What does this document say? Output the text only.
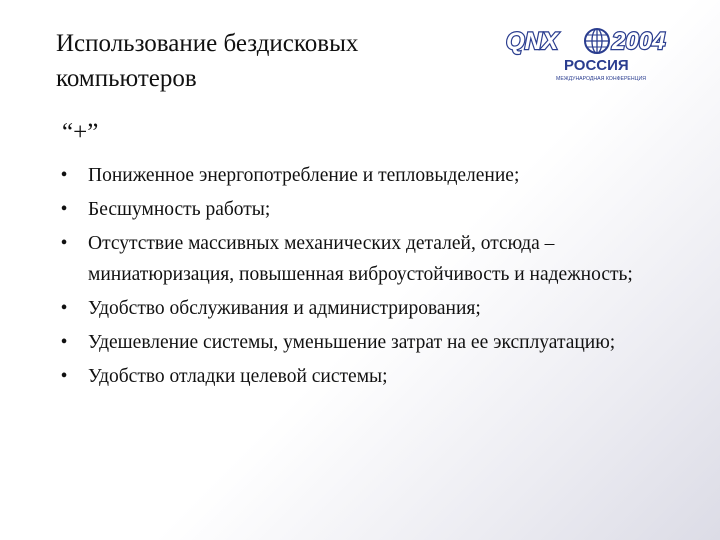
Использование бездисковых компьютеров
QNX 2004
РОССИЯ
МЕЖДУНАРОДНАЯ КОНФЕРЕНЦИЯ
“+”
• Пониженное энергопотребление и тепловыделение;
• Бесшумность работы;
• Отсутствие массивных механических деталей, отсюда – миниатюризация, повышенная виброустойчивость и надежность;
• Удобство обслуживания и администрирования;
• Удешевление системы, уменьшение затрат на ее эксплуатацию;
• Удобство отладки целевой системы;
